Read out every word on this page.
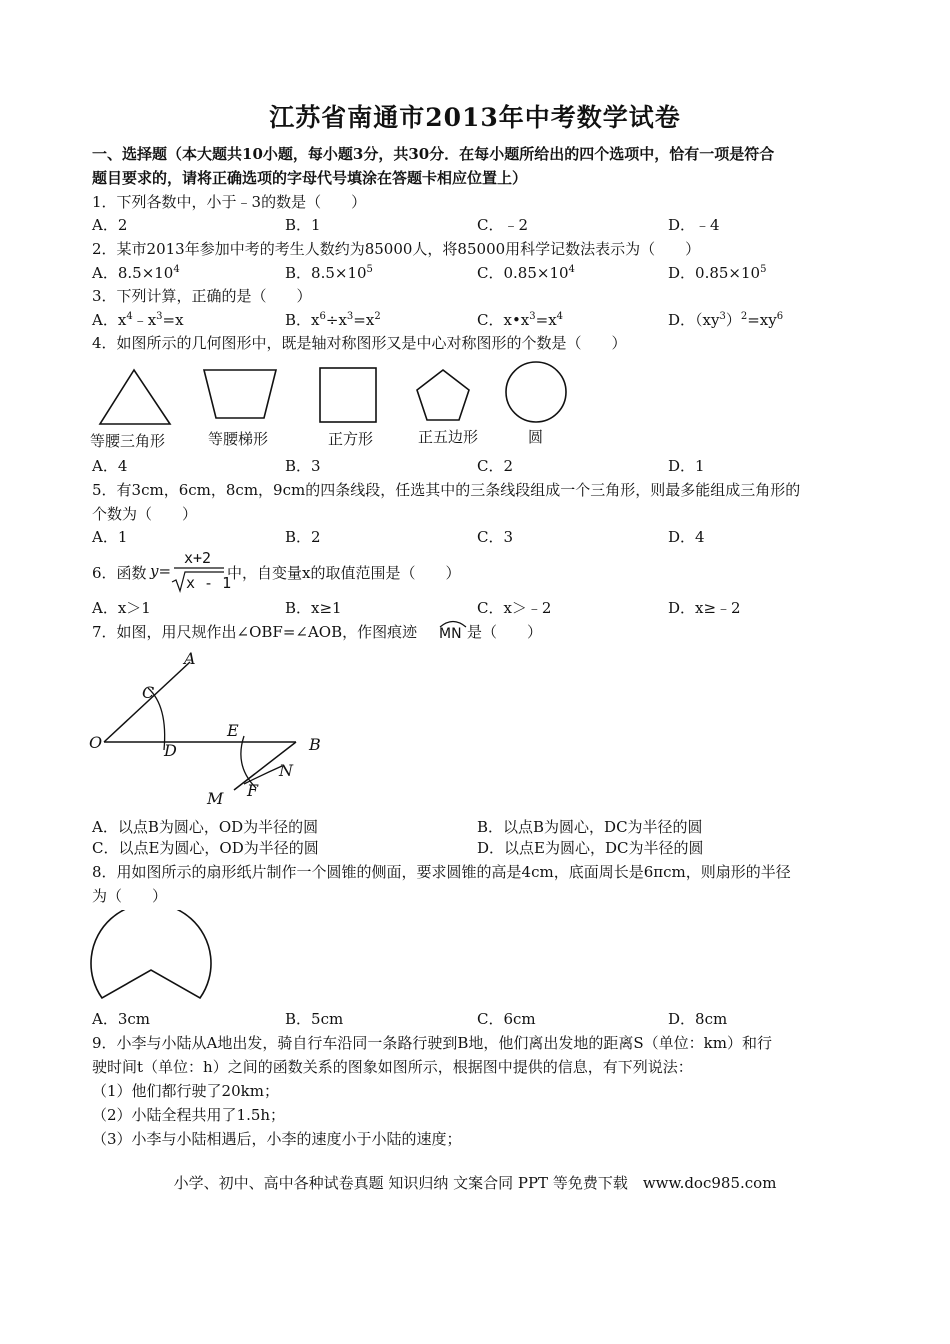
江苏省南通市2013年中考数学试卷
一、选择题（本大题共10小题，每小题3分，共30分．在每小题所给出的四个选项中，恰有一项是符合
题目要求的，请将正确选项的字母代号填涂在答题卡相应位置上）
1．下列各数中，小于﹣3的数是（　　）
A．2	B．1	C．﹣2	D．﹣4
2．某市2013年参加中考的考生人数约为85000人，将85000用科学记数法表示为（　　）
A．$8.5\times 10^4$	B．$8.5\times 10^5$	C．$0.85\times 10^4$	D．$0.85\times 10^5$
3．下列计算，正确的是（　　）
A．$x^4﹣x^3=x$	B．$x^6\div x^3=x^2$	C．$x•x^3=x^4$	D．$(xy^3)^2=xy^6$
4．如图所示的几何图形中，既是轴对称图形又是中心对称图形的个数是（　　）
等腰三角形	等腰梯形	正方形	正五边形	圆
A．4	B．3	C．2	D．1
5．有3cm，6cm，8cm，9cm的四条线段，任选其中的三条线段组成一个三角形，则最多能组成三角形的
个数为（　　）
A．1	B．2	C．3	D．4
6．函数 y=
x+2
x - 1
中，自变量x的取值范围是（　　）
A．x＞1	B．x≥1	C．x＞﹣2	D．x≥﹣2
7．如图，用尺规作出∠OBF=∠AOB，作图痕迹 MN 是（　　）
A
C
O	D
E
B
N
F
M
A．以点B为圆心，OD为半径的圆	B．以点B为圆心，DC为半径的圆
C．以点E为圆心，OD为半径的圆	D．以点E为圆心，DC为半径的圆
8．用如图所示的扇形纸片制作一个圆锥的侧面，要求圆锥的高是4cm，底面周长是6πcm，则扇形的半径
为（　　）
A．3cm	B．5cm	C．6cm	D．8cm
9．小李与小陆从A地出发，骑自行车沿同一条路行驶到B地，他们离出发地的距离S（单位：km）和行
驶时间t（单位：h）之间的函数关系的图象如图所示，根据图中提供的信息，有下列说法：
（1）他们都行驶了20km；
（2）小陆全程共用了1.5h；
（3）小李与小陆相遇后，小李的速度小于小陆的速度；
小学、初中、高中各种试卷真题 知识归纳 文案合同 PPT 等免费下载　www.doc985.com
